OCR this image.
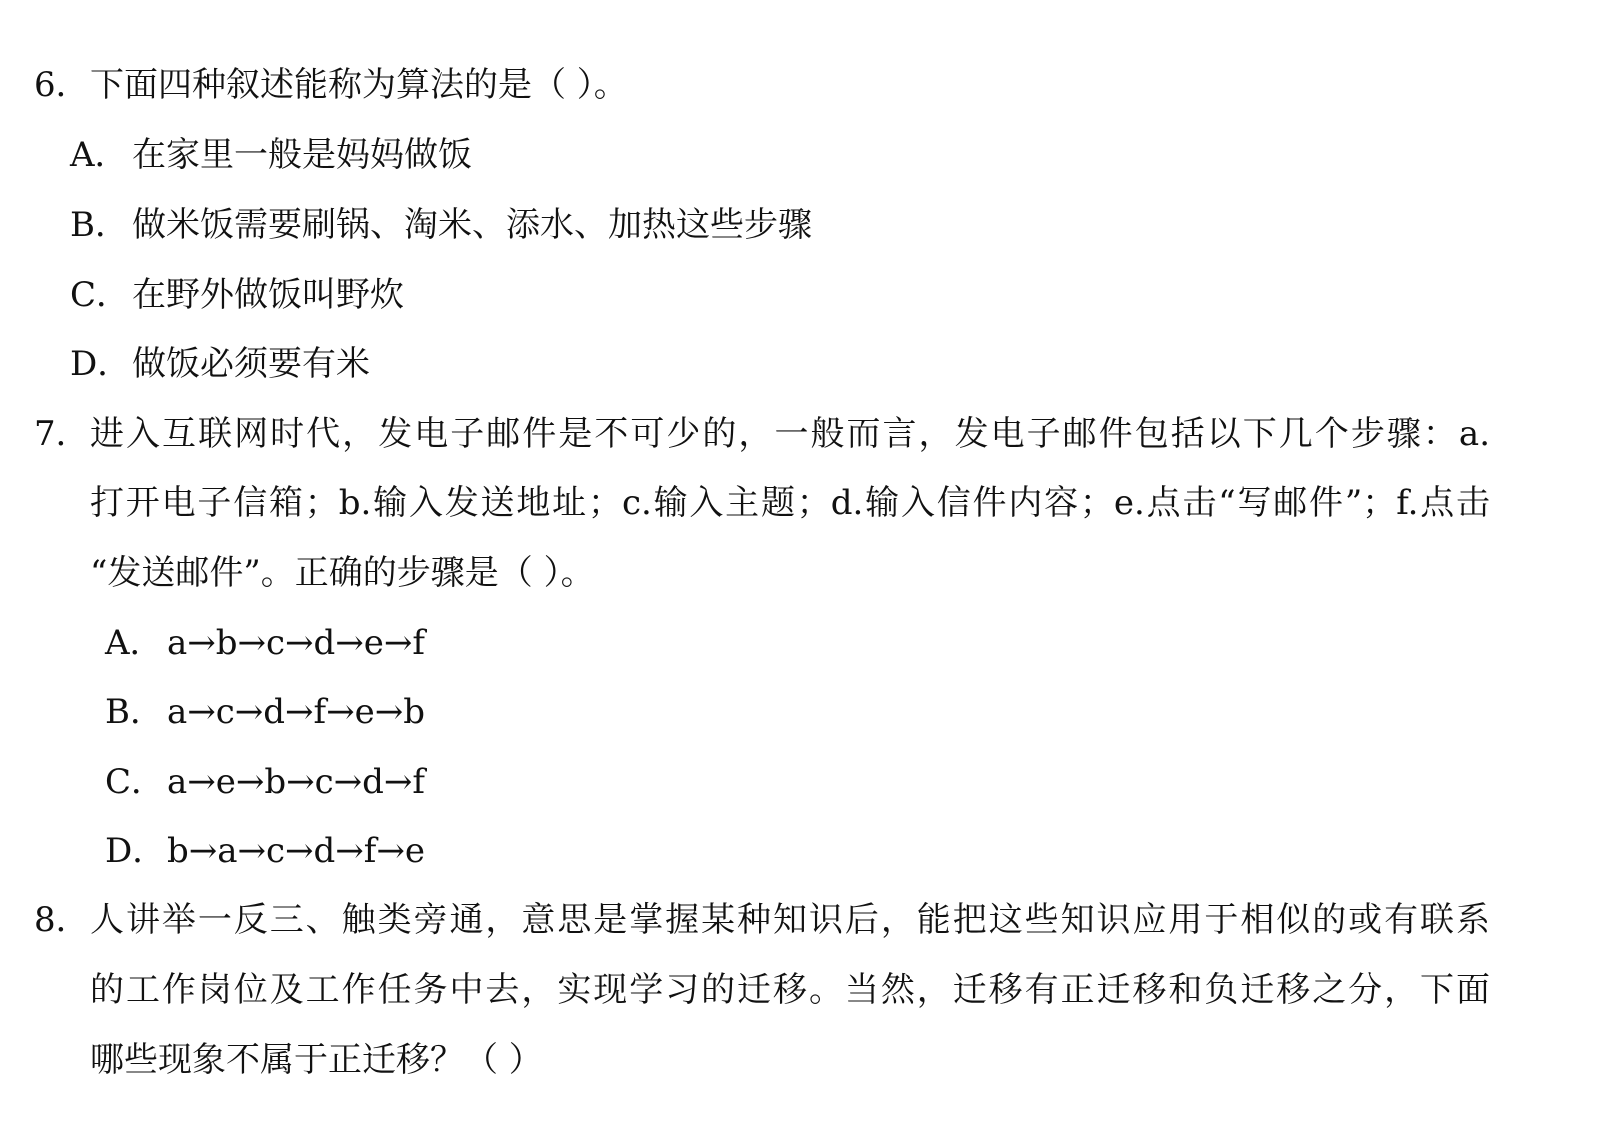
6． 下面四种叙述能称为算法的是（ ）。
A． 在家里一般是妈妈做饭
B．做米饭需要刷锅、淘米、添水、加热这些步骤
C．在野外做饭叫野炊
D．做饭必须要有米
7． 进入互联网时代，发电子邮件是不可少的，一般而言，发电子邮件包括以下几个步骤：a.
打开电子信箱；b.输入发送地址；c.输入主题；d.输入信件内容；e.点击“写邮件”；f.点击
“发送邮件”。正确的步骤是（ ）。
A． a→b→c→d→e→f
B．a→c→d→f→e→b
C．a→e→b→c→d→f
D．b→a→c→d→f→e
8． 人讲举一反三、触类旁通，意思是掌握某种知识后，能把这些知识应用于相似的或有联系
的工作岗位及工作任务中去，实现学习的迁移。当然，迁移有正迁移和负迁移之分，下面
哪些现象不属于正迁移？（ ）
